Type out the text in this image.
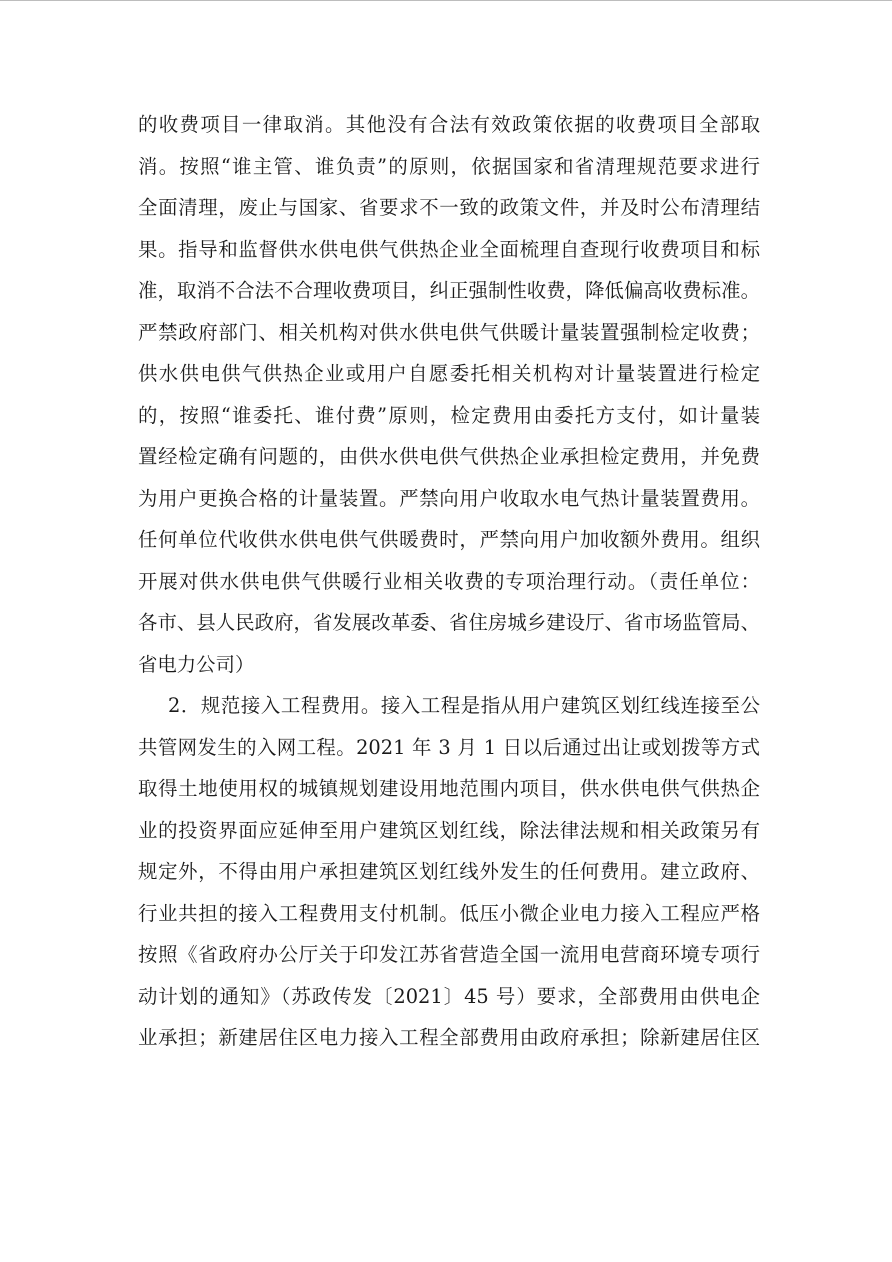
的收费项目一律取消。其他没有合法有效政策依据的收费项目全部取
消。按照“谁主管、谁负责”的原则，依据国家和省清理规范要求进行
全面清理，废止与国家、省要求不一致的政策文件，并及时公布清理结
果。指导和监督供水供电供气供热企业全面梳理自查现行收费项目和标
准，取消不合法不合理收费项目，纠正强制性收费，降低偏高收费标准。
严禁政府部门、相关机构对供水供电供气供暖计量装置强制检定收费；
供水供电供气供热企业或用户自愿委托相关机构对计量装置进行检定
的，按照“谁委托、谁付费”原则，检定费用由委托方支付，如计量装
置经检定确有问题的，由供水供电供气供热企业承担检定费用，并免费
为用户更换合格的计量装置。严禁向用户收取水电气热计量装置费用。
任何单位代收供水供电供气供暖费时，严禁向用户加收额外费用。组织
开展对供水供电供气供暖行业相关收费的专项治理行动。（责任单位：
各市、县人民政府，省发展改革委、省住房城乡建设厅、省市场监管局、
省电力公司）
2．规范接入工程费用。接入工程是指从用户建筑区划红线连接至公
共管网发生的入网工程。2021 年 3 月 1 日以后通过出让或划拨等方式
取得土地使用权的城镇规划建设用地范围内项目，供水供电供气供热企
业的投资界面应延伸至用户建筑区划红线，除法律法规和相关政策另有
规定外，不得由用户承担建筑区划红线外发生的任何费用。建立政府、
行业共担的接入工程费用支付机制。低压小微企业电力接入工程应严格
按照《省政府办公厅关于印发江苏省营造全国一流用电营商环境专项行
动计划的通知》（苏政传发〔2021〕45 号）要求，全部费用由供电企
业承担；新建居住区电力接入工程全部费用由政府承担；除新建居住区
